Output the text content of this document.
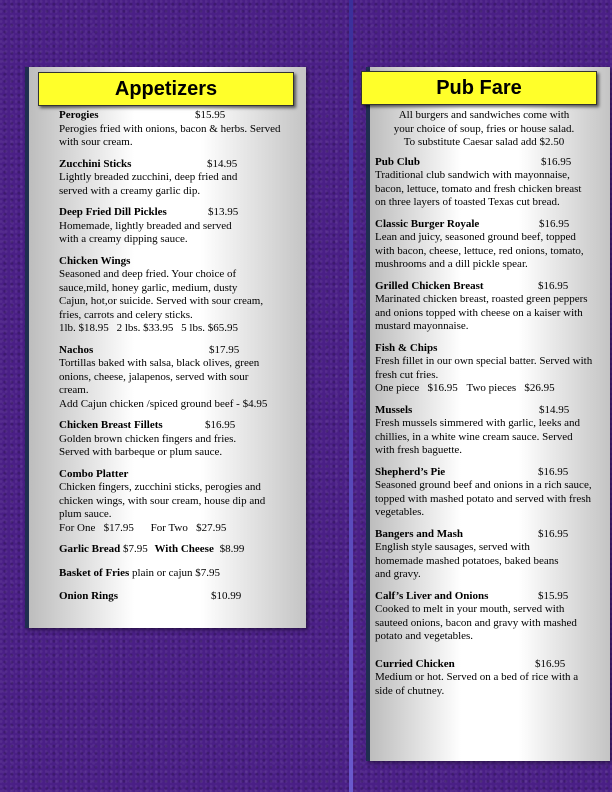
Appetizers
Perogies	$15.95
Perogies fried with onions, bacon & herbs. Served with sour cream.
Zucchini Sticks	$14.95
Lightly breaded zucchini, deep fried and served with a creamy garlic dip.
Deep Fried Dill Pickles	$13.95
Homemade, lightly breaded and served with a creamy dipping sauce.
Chicken Wings
Seasoned and deep fried. Your choice of sauce,mild, honey garlic, medium, dusty Cajun, hot,or suicide. Served with sour cream, fries, carrots and celery sticks.
1lb. $18.95 2 lbs. $33.95 5 lbs. $65.95
Nachos	$17.95
Tortillas baked with salsa, black olives, green onions, cheese, jalapenos, served with sour cream.
Add Cajun chicken /spiced ground beef - $4.95
Chicken Breast Fillets	$16.95
Golden brown chicken fingers and fries. Served with barbeque or plum sauce.
Combo Platter
Chicken fingers, zucchini sticks, perogies and chicken wings, with sour cream, house dip and plum sauce.
For One   $17.95 For Two   $27.95
Garlic Bread $7.95 With Cheese $8.99
Basket of Fries plain or cajun $7.95
Onion Rings	$10.99
Pub Fare
All burgers and sandwiches come with
your choice of soup, fries or house salad.
To substitute Caesar salad add $2.50
Pub Club	$16.95
Traditional club sandwich with mayonnaise, bacon, lettuce, tomato and fresh chicken breast on three layers of toasted Texas cut bread.
Classic Burger Royale	$16.95
Lean and juicy, seasoned ground beef, topped with bacon, cheese, lettuce, red onions, tomato, mushrooms and a dill pickle spear.
Grilled Chicken Breast	$16.95
Marinated chicken breast, roasted green peppers and onions topped with cheese on a kaiser with mustard mayonnaise.
Fish & Chips
Fresh fillet in our own special batter. Served with fresh cut fries.
One piece   $16.95 Two pieces   $26.95
Mussels	$14.95
Fresh mussels simmered with garlic, leeks and chillies, in a white wine cream sauce. Served with fresh baguette.
Shepherd’s Pie	$16.95
Seasoned ground beef and onions in a rich sauce, topped with mashed potato and served with fresh vegetables.
Bangers and Mash	$16.95
English style sausages, served with homemade mashed potatoes, baked beans and gravy.
Calf’s Liver and Onions	$15.95
Cooked to melt in your mouth, served with sauteed onions, bacon and gravy with mashed potato and vegetables.
Curried Chicken	$16.95
Medium or hot. Served on a bed of rice with a side of chutney.
